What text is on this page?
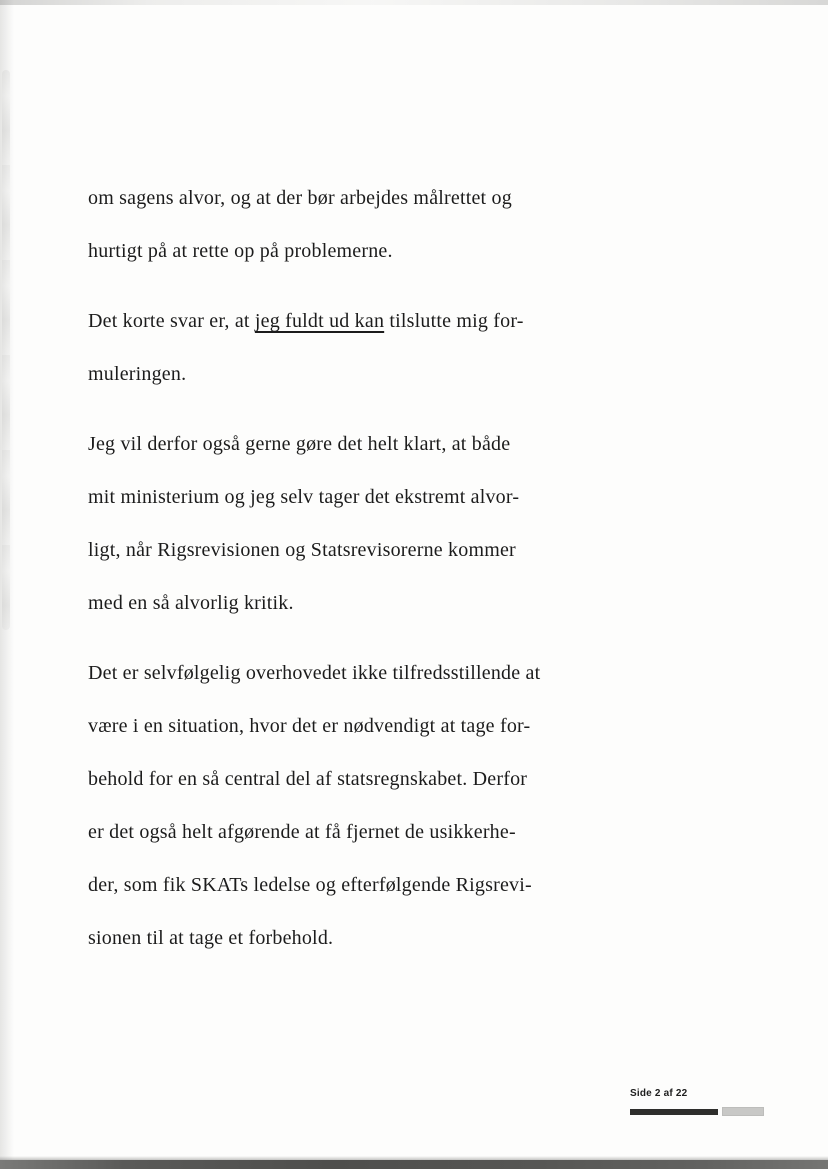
om sagens alvor, og at der bør arbejdes målrettet og
hurtigt på at rette op på problemerne.
Det korte svar er, at jeg fuldt ud kan tilslutte mig for-
muleringen.
Jeg vil derfor også gerne gøre det helt klart, at både
mit ministerium og jeg selv tager det ekstremt alvor-
ligt, når Rigsrevisionen og Statsrevisorerne kommer
med en så alvorlig kritik.
Det er selvfølgelig overhovedet ikke tilfredsstillende at
være i en situation, hvor det er nødvendigt at tage for-
behold for en så central del af statsregnskabet. Derfor
er det også helt afgørende at få fjernet de usikkerhe-
der, som fik SKATs ledelse og efterfølgende Rigsrevi-
sionen til at tage et forbehold.
Side 2 af 22
